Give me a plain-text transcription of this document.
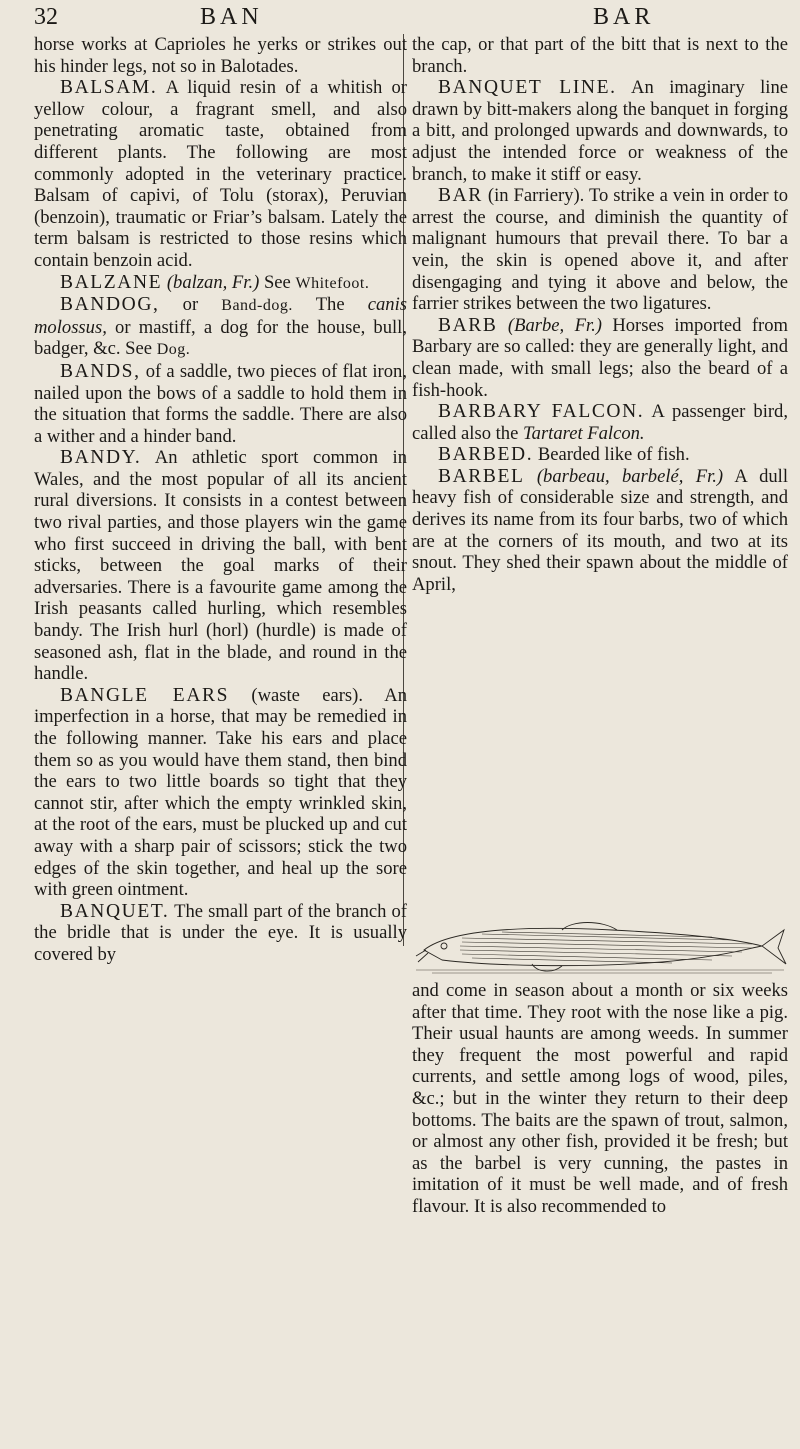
32	BAN	BAR

horse works at Caprioles he yerks or strikes out his hinder legs, not so in Balotades.

BALSAM. A liquid resin of a whitish or yellow colour, a fragrant smell, and also penetrating aromatic taste, obtained from different plants. The following are most commonly adopted in the veterinary practice. Balsam of capivi, of Tolu (storax), Peruvian (benzoin), traumatic or Friar’s balsam. Lately the term balsam is restricted to those resins which contain benzoin acid.

BALZANE (balzan, Fr.) See Whitefoot.

BANDOG, or Band-dog. The canis molossus, or mastiff, a dog for the house, bull, badger, &c. See Dog.

BANDS, of a saddle, two pieces of flat iron, nailed upon the bows of a saddle to hold them in the situation that forms the saddle. There are also a wither and a hinder band.

BANDY. An athletic sport common in Wales, and the most popular of all its ancient rural diversions. It consists in a contest between two rival parties, and those players win the game who first succeed in driving the ball, with bent sticks, between the goal marks of their adversaries. There is a favourite game among the Irish peasants called hurling, which resembles bandy. The Irish hurl (horl) (hurdle) is made of seasoned ash, flat in the blade, and round in the handle.

BANGLE EARS (waste ears). An imperfection in a horse, that may be remedied in the following manner. Take his ears and place them so as you would have them stand, then bind the ears to two little boards so tight that they cannot stir, after which the empty wrinkled skin, at the root of the ears, must be plucked up and cut away with a sharp pair of scissors; stick the two edges of the skin together, and heal up the sore with green ointment.

BANQUET. The small part of the branch of the bridle that is under the eye. It is usually covered by

the cap, or that part of the bitt that is next to the branch.

BANQUET LINE. An imaginary line drawn by bitt-makers along the banquet in forging a bitt, and prolonged upwards and downwards, to adjust the intended force or weakness of the branch, to make it stiff or easy.

BAR (in Farriery). To strike a vein in order to arrest the course, and diminish the quantity of malignant humours that prevail there. To bar a vein, the skin is opened above it, and after disengaging and tying it above and below, the farrier strikes between the two ligatures.

BARB (Barbe, Fr.) Horses imported from Barbary are so called: they are generally light, and clean made, with small legs; also the beard of a fish-hook.

BARBARY FALCON. A passenger bird, called also the Tartaret Falcon.

BARBED. Bearded like of fish.

BARBEL (barbeau, barbelé, Fr.) A dull heavy fish of considerable size and strength, and derives its name from its four barbs, two of which are at the corners of its mouth, and two at its snout. They shed their spawn about the middle of April,

and come in season about a month or six weeks after that time. They root with the nose like a pig. Their usual haunts are among weeds. In summer they frequent the most powerful and rapid currents, and settle among logs of wood, piles, &c.; but in the winter they return to their deep bottoms. The baits are the spawn of trout, salmon, or almost any other fish, provided it be fresh; but as the barbel is very cunning, the pastes in imitation of it must be well made, and of fresh flavour. It is also recommended to
